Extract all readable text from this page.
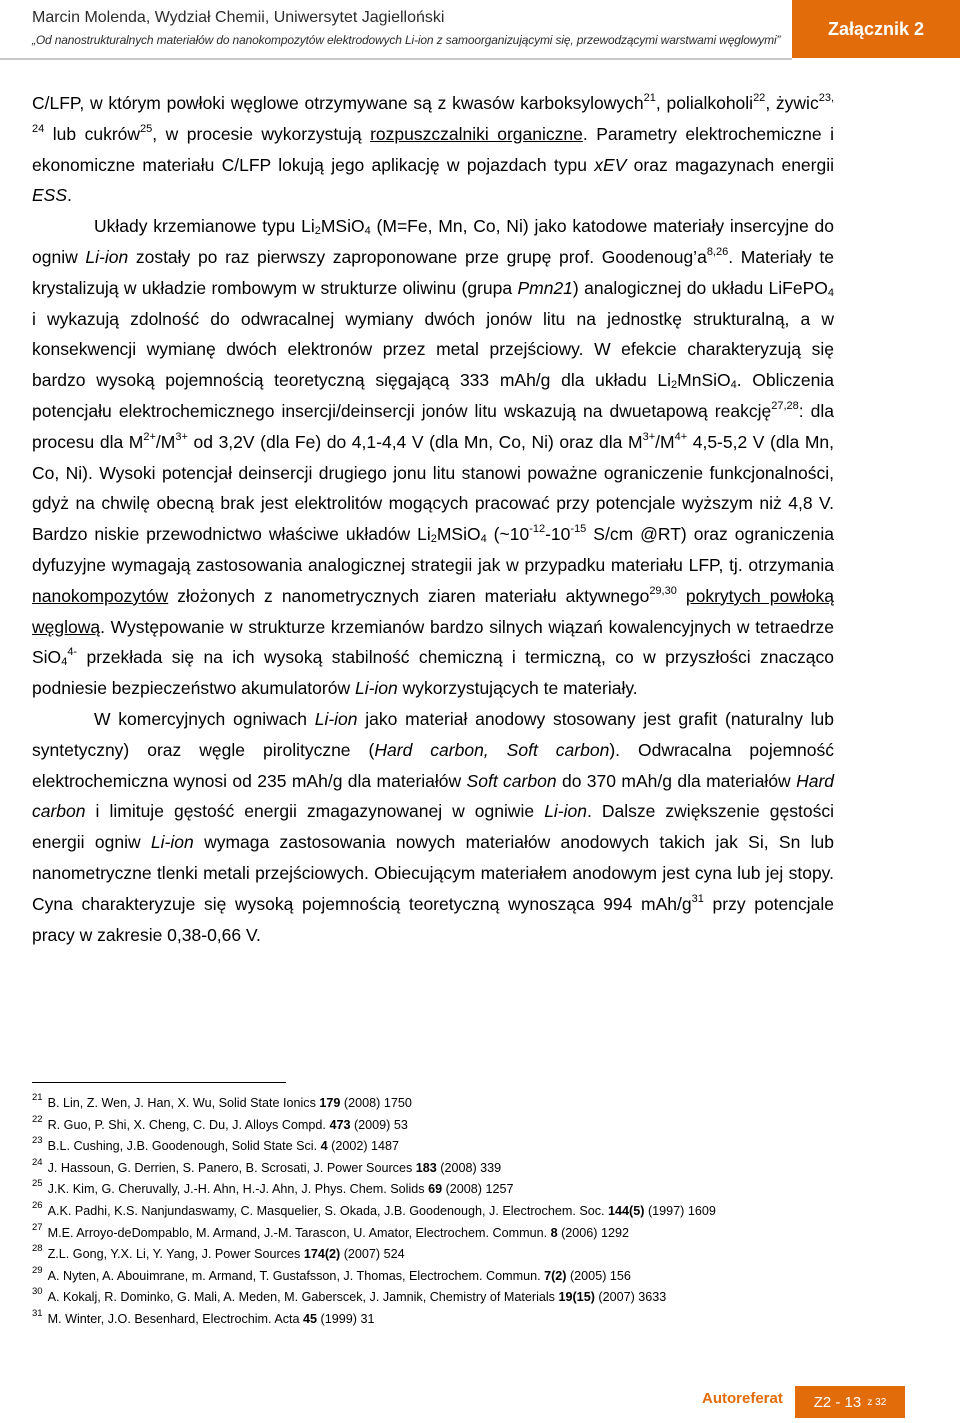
Marcin Molenda, Wydział Chemii, Uniwersytet Jagielloński
„Od nanostrukturalnych materiałów do nanokompozytów elektrodowych Li-ion z samoorganizującymi się, przewodzącymi warstwami węglowymi”
Załącznik 2

C/LFP, w którym powłoki węglowe otrzymywane są z kwasów karboksylowych$^{21}$, polialkoholi$^{22}$, żywic$^{23, 24}$ lub cukrów$^{25}$, w procesie wykorzystują rozpuszczalniki organiczne. Parametry elektrochemiczne i ekonomiczne materiału C/LFP lokują jego aplikację w pojazdach typu xEV oraz magazynach energii ESS.

Układy krzemianowe typu $Li_2MSiO_4$ (M=Fe, Mn, Co, Ni) jako katodowe materiały insercyjne do ogniw Li-ion zostały po raz pierwszy zaproponowane prze grupę prof. $Goodenoug’a^{8,26}$. Materiały te krystalizują w układzie rombowym w strukturze oliwinu (grupa Pmn21) analogicznej do układu LiFePO$_4$ i wykazują zdolność do odwracalnej wymiany dwóch jonów litu na jednostkę strukturalną, a w konsekwencji wymianę dwóch elektronów przez metal przejściowy. W efekcie charakteryzują się bardzo wysoką pojemnością teoretyczną sięgającą 333 mAh/g dla układu $Li_2MnSiO_4$. Obliczenia potencjału elektrochemicznego insercji/deinsercji jonów litu wskazują na dwuetapową reakcję$^{27,28}$: dla procesu dla $M^{2+}/M^{3+}$ od 3,2V (dla Fe) do 4,1-4,4 V (dla Mn, Co, Ni) oraz dla $M^{3+}/M^{4+}$ 4,5-5,2 V (dla Mn, Co, Ni). Wysoki potencjał deinsercji drugiego jonu litu stanowi poważne ograniczenie funkcjonalności, gdyż na chwilę obecną brak jest elektrolitów mogących pracować przy potencjale wyższym niż 4,8 V. Bardzo niskie przewodnictwo właściwe układów $Li_2MSiO_4$ ($\sim 10^{-12}-10^{-15}$ S/cm @RT) oraz ograniczenia dyfuzyjne wymagają zastosowania analogicznej strategii jak w przypadku materiału LFP, tj. otrzymania nanokompozytów złożonych z nanometrycznych ziaren materiału aktywnego$^{29,30}$ pokrytych powłoką węglową. Występowanie w strukturze krzemianów bardzo silnych wiązań kowalencyjnych w tetraedrze SiO$_4^{4-}$ przekłada się na ich wysoką stabilność chemiczną i termiczną, co w przyszłości znacząco podniesie bezpieczeństwo akumulatorów Li-ion wykorzystujących te materiały.

W komercyjnych ogniwach Li-ion jako materiał anodowy stosowany jest grafit (naturalny lub syntetyczny) oraz węgle pirolityczne (Hard carbon, Soft carbon). Odwracalna pojemność elektrochemiczna wynosi od 235 mAh/g dla materiałów Soft carbon do 370 mAh/g dla materiałów Hard carbon i limituje gęstość energii zmagazynowanej w ogniwie Li-ion. Dalsze zwiększenie gęstości energii ogniw Li-ion wymaga zastosowania nowych materiałów anodowych takich jak Si, Sn lub nanometryczne tlenki metali przejściowych. Obiecującym materiałem anodowym jest cyna lub jej stopy. Cyna charakteryzuje się wysoką pojemnością teoretyczną wynosząca 994 mAh/$g^{31}$ przy potencjale pracy w zakresie 0,38-0,66 V.

$^{21}$ B. Lin, Z. Wen, J. Han, X. Wu, Solid State Ionics 179 (2008) 1750
$^{22}$ R. Guo, P. Shi, X. Cheng, C. Du, J. Alloys Compd. 473 (2009) 53
$^{23}$ B.L. Cushing, J.B. Goodenough, Solid State Sci. 4 (2002) 1487
$^{24}$ J. Hassoun, G. Derrien, S. Panero, B. Scrosati, J. Power Sources 183 (2008) 339
$^{25}$ J.K. Kim, G. Cheruvally, J.-H. Ahn, H.-J. Ahn, J. Phys. Chem. Solids 69 (2008) 1257
$^{26}$ A.K. Padhi, K.S. Nanjundaswamy, C. Masquelier, S. Okada, J.B. Goodenough, J. Electrochem. Soc. 144(5) (1997) 1609
$^{27}$ M.E. Arroyo-deDompablo, M. Armand, J.-M. Tarascon, U. Amator, Electrochem. Commun. 8 (2006) 1292
$^{28}$ Z.L. Gong, Y.X. Li, Y. Yang, J. Power Sources 174(2) (2007) 524
$^{29}$ A. Nyten, A. Abouimrane, m. Armand, T. Gustafsson, J. Thomas, Electrochem. Commun. 7(2) (2005) 156
$^{30}$ A. Kokalj, R. Dominko, G. Mali, A. Meden, M. Gaberscek, J. Jamnik, Chemistry of Materials 19(15) (2007) 3633
$^{31}$ M. Winter, J.O. Besenhard, Electrochim. Acta 45 (1999) 31
Autoreferat Z2 - 13
z 32
